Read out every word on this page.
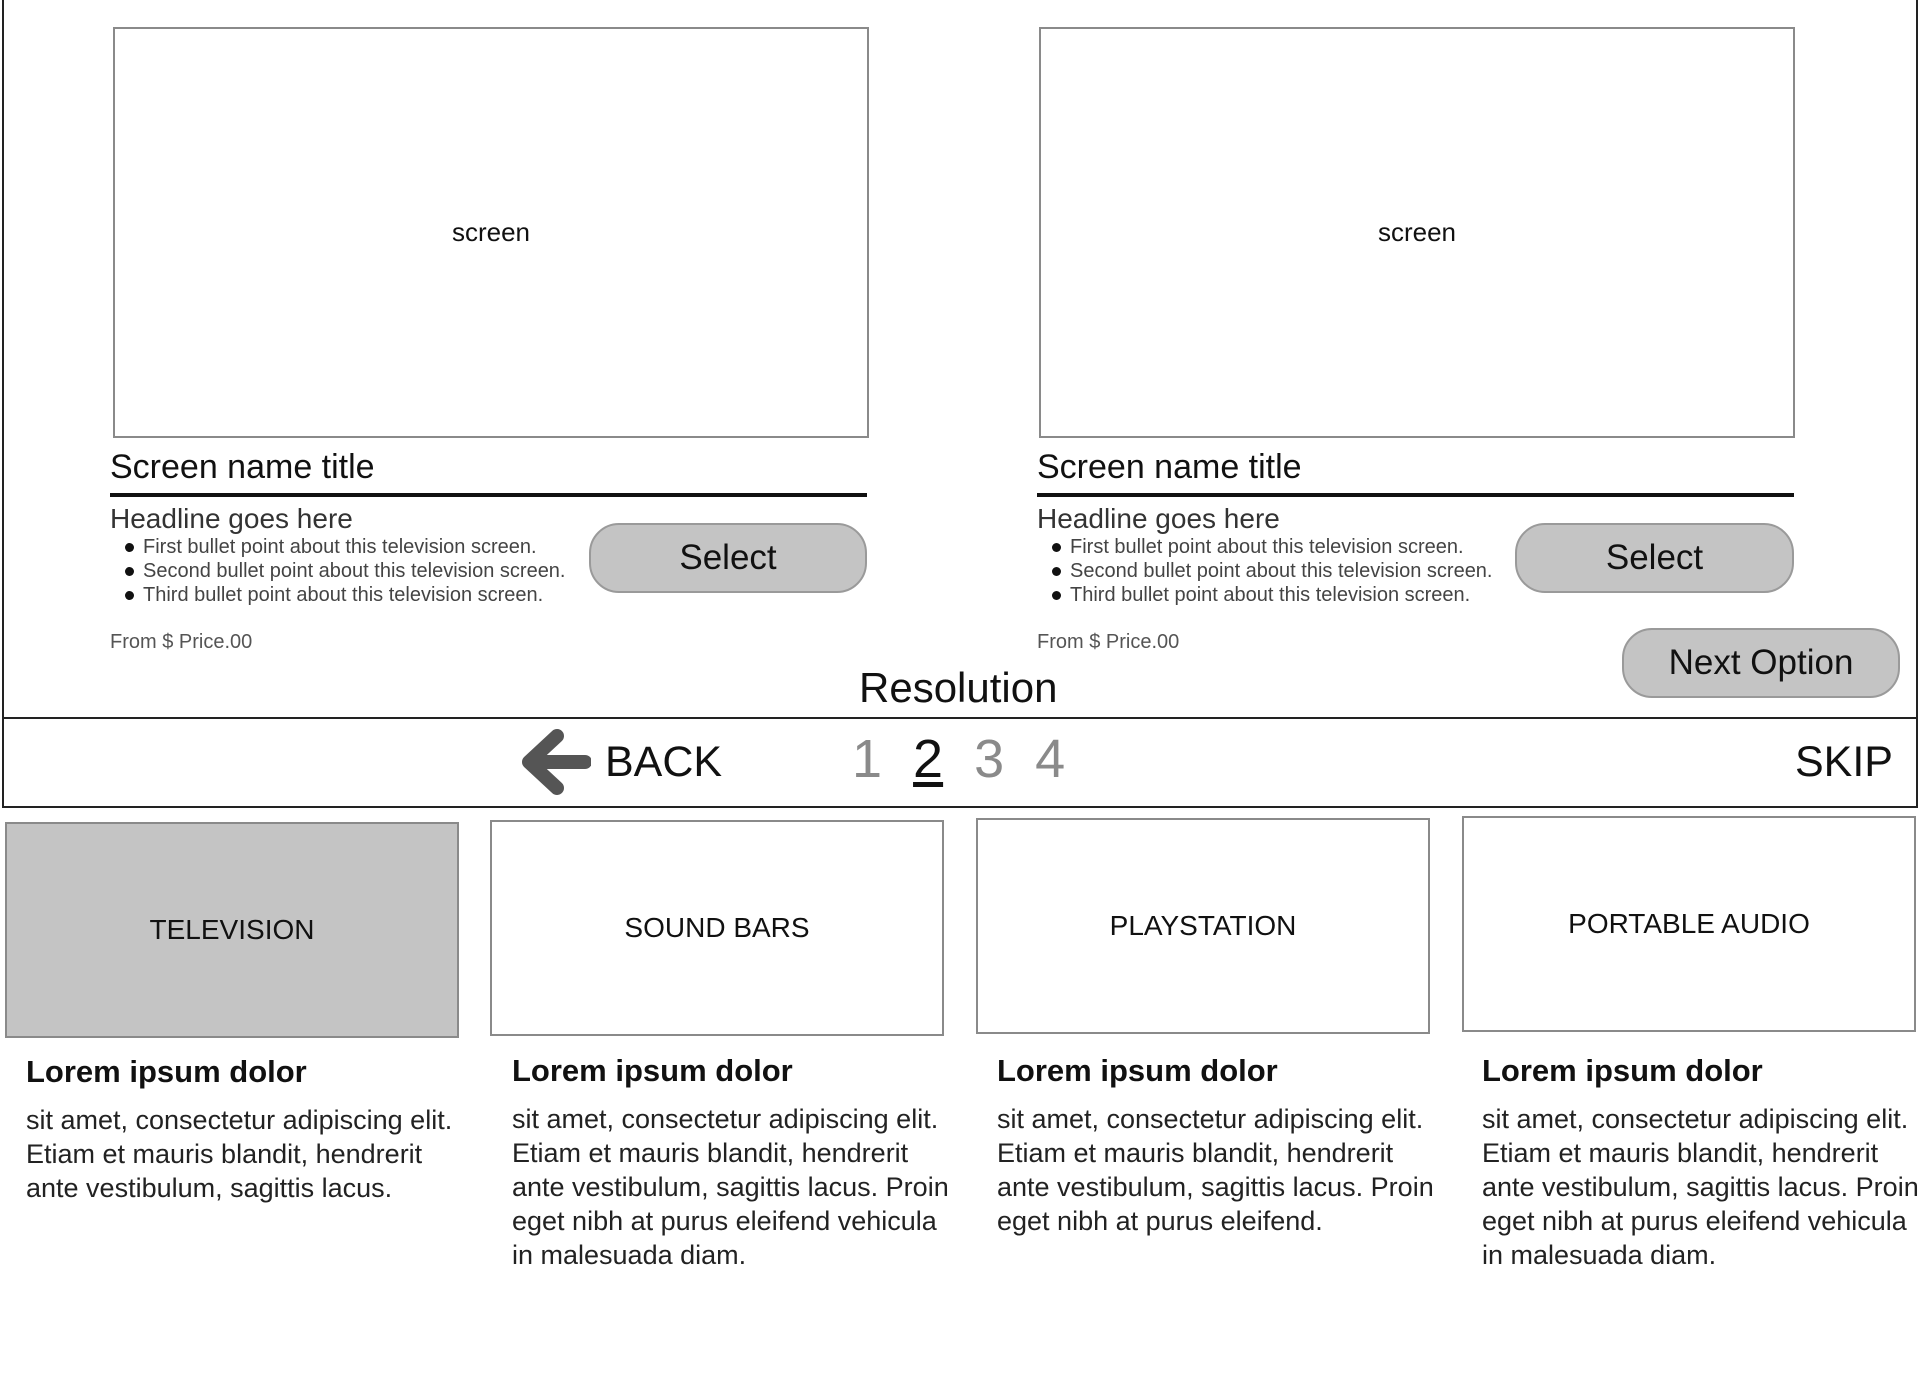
screen
Screen name title
Headline goes here
First bullet point about this television screen.
Second bullet point about this television screen.
Third bullet point about this television screen.
Select
From $ Price.00
screen
Screen name title
Headline goes here
First bullet point about this television screen.
Second bullet point about this television screen.
Third bullet point about this television screen.
Select
From $ Price.00
Next Option
Resolution
BACK 1 2 3 4	SKIP
TELEVISION	SOUND BARS	PLAYSTATION	PORTABLE AUDIO
Lorem ipsum dolor
sit amet, consectetur adipiscing elit. Etiam et mauris blandit, hendrerit ante vestibulum, sagittis lacus.
Lorem ipsum dolor
sit amet, consectetur adipiscing elit. Etiam et mauris blandit, hendrerit ante vestibulum, sagittis lacus. Proin eget nibh at purus eleifend vehicula in malesuada diam.
Lorem ipsum dolor
sit amet, consectetur adipiscing elit. Etiam et mauris blandit, hendrerit ante vestibulum, sagittis lacus. Proin eget nibh at purus eleifend.
Lorem ipsum dolor
sit amet, consectetur adipiscing elit. Etiam et mauris blandit, hendrerit ante vestibulum, sagittis lacus. Proin eget nibh at purus eleifend vehicula in malesuada diam.
